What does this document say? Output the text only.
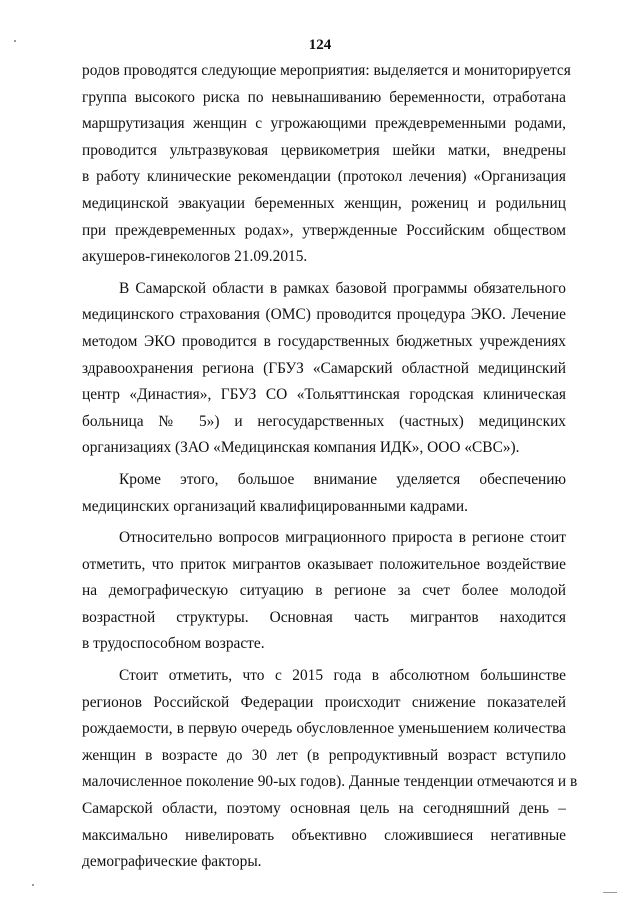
124
родов проводятся следующие мероприятия: выделяется и мониторируется
группа высокого риска по невынашиванию беременности, отработана
маршрутизация женщин с угрожающими преждевременными родами,
проводится ультразвуковая цервикометрия шейки матки, внедрены
в работу клинические рекомендации (протокол лечения) «Организация
медицинской эвакуации беременных женщин, рожениц и родильниц
при преждевременных родах», утвержденные Российским обществом
акушеров-гинекологов 21.09.2015.
В Самарской области в рамках базовой программы обязательного
медицинского страхования (ОМС) проводится процедура ЭКО. Лечение
методом ЭКО проводится в государственных бюджетных учреждениях
здравоохранения региона (ГБУЗ «Самарский областной медицинский
центр «Династия», ГБУЗ СО «Тольяттинская городская клиническая
больница № 5») и негосударственных (частных) медицинских
организациях (ЗАО «Медицинская компания ИДК», ООО «СВС»).
Кроме этого, большое внимание уделяется обеспечению
медицинских организаций квалифицированными кадрами.
Относительно вопросов миграционного прироста в регионе стоит
отметить, что приток мигрантов оказывает положительное воздействие
на демографическую ситуацию в регионе за счет более молодой
возрастной структуры. Основная часть мигрантов находится
в трудоспособном возрасте.
Стоит отметить, что с 2015 года в абсолютном большинстве
регионов Российской Федерации происходит снижение показателей
рождаемости, в первую очередь обусловленное уменьшением количества
женщин в возрасте до 30 лет (в репродуктивный возраст вступило
малочисленное поколение 90-ых годов). Данные тенденции отмечаются и в
Самарской области, поэтому основная цель на сегодняшний день –
максимально нивелировать объективно сложившиеся негативные
демографические факторы.
